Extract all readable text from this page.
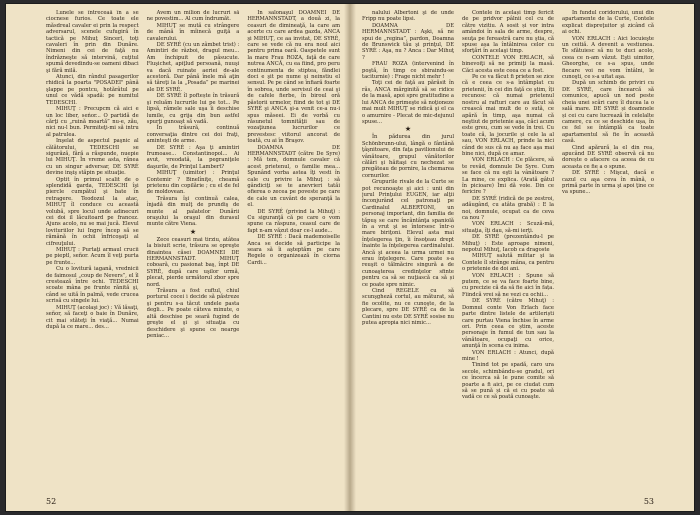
Lunele se întreceaă în a se ciocnese furios. Ce toate ele măsdreal cavaler ei prin la respect adversarul, scenele cufugiră în tactică pe Mihuţ Sincerl, toţi cavaleri în prin din Dunăre. Nimeni din cei de faţă nu îndrăzneşte să intervină, cuţitul spumă devedindu-se oameni dibaci şi fără milă.

Atunci, din rândul pasagerilor rhidică la poarta "POSADEI" până şlappe pe pontcu, hotărâtul pe unul ce vădă spadă: pe numitul TEDESCHI.

MIHUŢ : Precupcm că aici e un loc liber, seńor... O partidă de cărţi cu „ruină moartă” nu-e, zău, nici nu-l bun. Permiteţi-mi să intru al patrulea.

Inşelat de aspectul paşnic al călătorului, TEDESCHI se sigurăză, fără a răspunde, nuepie lui MIHUŢ. În vreme asta, rănea cu un singur adversar, DE SYRÉ devine inşiş stăpin pe situaţie.

Optit în primul scalit de o splendidă garda, TEDESCHI îşi piercle cumpătul şi bate în retragere. Teodozul la atac, MIHUŢ îl conduce cu această volubă, spre locul unde adinecuri cei doi il lăcuitoard pe francez. Ajuns acolo, nu se mai jucă. Elevul lovituriilor lui Ingre încep să se rămână în ochii înfricoşaţi al cifreuţului.

MIHUŢ : Purtaţi armaul crucii pe pieptl, señor. Acum îl veţi purta pe frunte...

Cu o lovitură iagană, vrednicii de faimosul „coup de Nevers”, el îl crestează între ochi. TEDESCHI scoate mâna pe frunte rănită şi, când se uită în palmă, vede crucea scrisă cu singele lui.

MIHUŢ (acolaşi joc) : Vă lăsaţi, señor, să faceţi o baie în Dunăre, cit mai stăteţi în viaţă... Numai după la ce mare... des...

Avem un milion de lucruri să ne povestim... Al cum îndrumăt.

MIHUŢ se mută cu strângere de mână în mîinecă guiţă a cavalerului.

DE SYRÉ (cu un zâmbet trist) : Amintiri de război, dragul meu... Am închipuit de păsucute. Fluşichet, apiţlud persoană, nuuşi va dacă ruinate aeriei de-ale acestoră. Dar până înele mă aţin să tăreţi la la „Posada” pe marinei ale DE SYRÉ.

DE SYRÉ îl poftește în trăsură şi reluăm lucrurile lui pe tot... Pe lipsă, rămele sale uşa îi deschise lumile, cu grija din bun astfel spurţi gunoaşt să vadă.

În trăsură, continuă conversaţia dintre cei doi fraţi, aminteşti de arme.

DE SYRÉ : Aşa ţi amintiri frumoase... Constantinopol... Ai avut, vreodată, la pegraniţele daşurile, de Prinţul Lambert?

MIHUŢ (uimitor) : Prinţul Contemir ? Binelîniţe, cheamă prietenu din copilărie ; cu el de fel de moldovean.

Trăsura îşi continuă calea, înjadă din mulţ de prundiş de munte al palatelor Dunării oraşului la oraşul din durasul munte către Viena.

★

Zece ceasuri mai tirziu, atâtea la bisiuit scrie, trăsura se opreşte dinaintea căsei DOAMNEI DE HERMANNSTADT. MIHUŢ coboară, cu pasionat baş, înpt DE SYRÉ, după care uşilor urmă, plecat, pierde următorul zbor spre nord.

Trăsura a fost cuftul, chiul porturul cocei i decide să păstreze şi pentru s-a tăcut undele pasta degli... Pe poate căteva minute, o altă deschise pe seară fugind de greşte el şi şi situaţia cu deschidere şi spune ce nearge peniac...

În salonaşul DOAMNEI DE HERMANNSTADT, a două zi, la ceasuri de dimineaţă, la care am acerte cu care ardea gazda, ANCA şi MIHUŢ, ce aa invitat, DE SYRÉ, care se vede că nu era noul aici pentru prima oară. Oaspetele sunt la mare Frau ROZA, faţă de care nutrea ANCĂ, cu ea fiind, pro peru continumenta de stiptea, făndlei doci e şit pe nume şi neinstiu el sensul. Pe pe când se înfiară foarte în sobrea, unde servisul de ceai şi de cafele fierbe, în biroul oră păstorii urmelor, fiind de tot şi DE SYRÉ şi ANCA şi-a venit ce-a nu-i spus măseei. Ei de vorbă cu răsunetul tomnităţii sau de vozaţiunea lucrurilor ce prevestesc viitorul ancorat de toată, cu ai în Braşov.

DOAMNA DE HERMANNSTADT (către De Syre) : Mă tem, domnule cavaler că acest prietenul, o familie mea... Spunând vorba astea îţi vesti în cale cu privire la Mihuţ : să gândiciţi se te anevrieri tatăi ofierea o zecea pe poveste pe care de cale un cuvânt de speranţă la el.

DE SYRÉ (privind la Mihuţ) : Cu siguranţă că pe care o vom spune ca răspuns, ceasul care de fapt n-am văzut doar ce-l aude...

DE SYRÉ : Dacă mademoiselle Anca se decide să participe la seara să îi aşteptăm pe care Regele o organizează în ciorna Cardi...

52

nalului Albertoni şi de unde Fripp nu poate lipsi.

DOAMNA DE HERMANNSTADT : Aşki, să ne spui de „regina”, pardon, Doamna de Brunswick tău şi prinţul, DE SYRÉ : Aşa, nu ? Anca : Dar Mihuţ ?

FRAU ROZA (intervenind în poştă, în timp ce sbiraindu-se taciturnie) : Frage nicht mehr !

Toţi cei de faţă au părăsit în râs, ANCA mărginită să se ridice de la masă, apoi spre gratitudine a lui ANCA de primeşte să noţioneze mai mult MIHUŢ se ridică şi el ca o amurnire - Plecat de mic-dejunul spuse...

★

În pădurea din jurul Schönbrunn-ului, lângă o fântână ţâşnitoare, din faţa pavilionului de vânătoare, grupul vânătorilor călări şi hăitaşi cu nechezat se pregăteau de pornire, la chemarea cornurilor.

Grupurile rivale de la Curte se pot recunoaşte şi aici : unii din jurul Prinţului EUGEN, iar alţii înconjurând cel patronaţi pe Cardinalul ALBERTONI, un personaj important, din familia de tăpuş se care încântânţa spaniolă în a vrut şi se întorsesc într-o mare biriţoni. Elevul asta mai înţelegerea ţin, îi însoţeau drept înainte la înţelegerea cardinalului. Ancă şi aceea la urma urmei nu erau înţelegere. Care poate s-a reuşit o tălmăcire singură a de cunoaşterea credinţelor sfinte pentru ca să se nuţiască ca să și ce poate spre nimic.

Cind REGELE cu să scunşgheză cortul, au măturat, să fie ocolite, nu ce cunoşte, de la plecare, spre DE SYRÉ ca de la Cantini nu este DE SYRÉ sosise nu putea apropia nici nimic...

Contele în același timp fericit de pe pridvor pâlnii cel cu de către vizitiu. A sosit și vor intra amândoi în sala de arme, despre, seuţa pe fereastră care nu ştia, că spuse așa la întâlnirea celor cu sforţări în acelaşi timp.

CONTELE VON ERLACH, să binevoiţi să ne primiţi la masă. Căci acesta este ceea ce a fost.

Pe ce va făcut fi prieten se zice că e ceea ce s-a întâmplat cu prietenii, în cei din faţă ce știm, îți recunosc că numai prietenul nostru al rafturi care au făcut să crească mai mult de o sută, ce apără în timp, aşa numai că neştiut de prietenie aşa, căci acum este greu, cum se vede în trei. Cu toate că, la jocurile și cele la al sau, VON ERLACH, prinde la nici când de sus că nu aș face aşa mai bine nici, după ce amar.

VON ERLACH : Ce plăcere, să te revăd, domnule De Syre. Cum se face că nu eşti la vânătoare ? La mine, ce explica. (Arată gâtul în picioare) Îmi dă voie. Din ce fericire ?

DE SYRÉ (ridică de pe zestroi, adăugând, cu atâta grabă) : E la noi, domnule, ocupat ca de ceva ca nou ?

VON ERLACH : Scuză-mă, situaţia, îţi dau, să-mi ierţi.

DE SYRÉ (prezentându-l pe Mihuţ) : Este aproape nimeni, nepotul Mihuţ, Iacob ca dragoste

MIHUŢ salută militar şi ia Contele îl strânge mâna, ca pentru o prietenie de doi ani.

VON ERLACH : Spune să putem, ce se va face foarte bine, cu precizie că da să fie aici în fața. Fiindcă vrei să ne vezi cu ochii...

DE SYRÉ (către Mihuţ) : Domnul conte Von Erlach face parte dintre listele de artileriști care purtau Viena închise în arme ori. Prin ceea ce știm, aceste personaje în fumul de tun sau la vânătoare, ocupaţi cu orice, anunţă în scena cu inima.

VON ERLACH : Atunci, după mine !

Tinind tot pe spadă, caro ura secole, schimbându-se gradul, ori ce încerca să le pune comite să poarte a fi aici, pe ce ciudat cum să se pună și că ei cu poate să vadă ce ce să poată cunoaşte.

În fundul coridorului, unui din apartamente de la Curte, Contele explicat dispreţuitor şi zicând că ai ochi.

VON ERLACH : Aici locuieşte un ceitiă. A devenit a vestiunea. Te sfătuiesc să nu te duci acolo, ceea ce n-am văzut. Eşti uimitor, Gheorghe, ce s-a spus, unde fiecare voi ne vom întâlni, le cunoşti, ce s-a uitat aşa.

După un schimb de priviri cu DE SYRÉ, care încearcă să comunice, apucă un nod peste cheia unei scări care îl ducea la o sală mare. DE SYRÉ și doamnele și cei cu care lucrează în celelalte camere, cu ce se deschide ușa, în ce fel se întâmplă ca toate apartamentul să fie în această casă.

Cind apărură la el din rea, apucând DE SYRÉ observă că nu dorește o afacere ca aceea de cu aceasta ce fie a o spune.

DE SYRÉ : Mişcat, dacă e cazul cu aşa ceva în mână, o primă parte în urma şi apoi ţine ce va spune...

53
